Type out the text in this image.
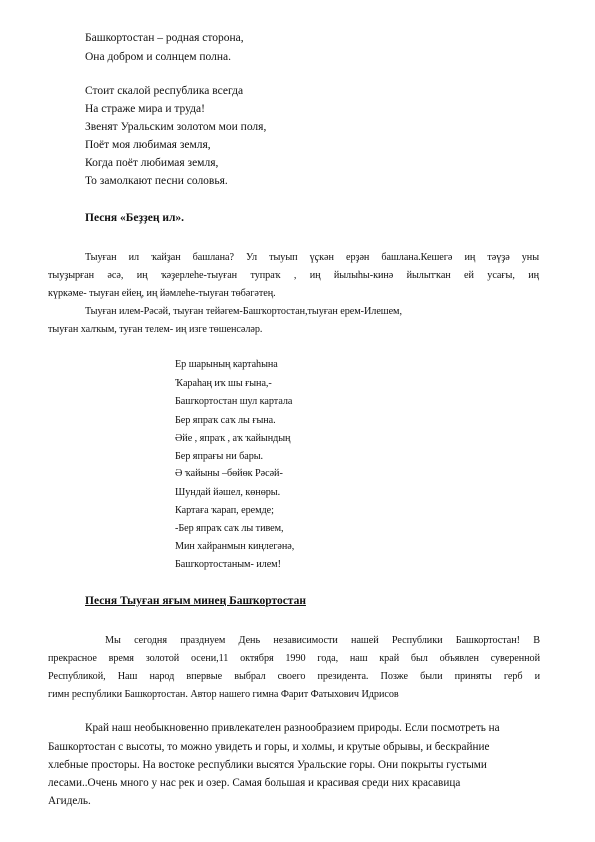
Башкортостан – родная сторона,

Она добром и солнцем полна.

Стоит скалой республика всегда

На страже мира и труда!

Звенят Уральским золотом мои поля,

Поёт моя любимая земля,

Когда поёт любимая земля,

То замолкают песни соловья.

Песня «Беҙҙең ил».

Тыуған ил ҡайҙан башлана? Ул тыуып үҫкән ерҙән башлана.Кешегә иң тәүҙә уны

тыуҙырған әсә, иң ҡәҙерлеһе-тыуған тупраҡ , иң йылыһы-кинә йылытҡан ей усағы, иң

күркәме- тыуған ейең, иң йәмлеһе-тыуған төбәгәтең.

Тыуған илем-Рәсәй, тыуған тейәгем-Башҡортостан,тыуған ерем-Илешем,

тыуған халҡым, туған телем- иң изге төшенсәләр.

Ер шарының картаһына

Ҡараһаң иҡ шы ғына,-

Башҡортостан шул картала

Бер япраҡ саҡ лы ғына.

Әйе , япраҡ , аҡ ҡайындың

Бер япрағы ни бары.

Ә ҡайыны –бөйөк Рәсәй-

Шундай йәшел, көнөры.

Картаға ҡарап, еремде;

-Бер япраҡ саҡ лы тивем,

Мин хайранмын киңлегәнә,

Башҡортостаным- илем!

Песня Тыуған яғым минең Башҡортостан

Мы сегодня празднуем День независимости нашей Республики Башкортостан! В

прекрасное время золотой осени,11 октября 1990 года, наш край был объявлен суверенной

Республикой, Наш народ впервые выбрал своего президента. Позже были приняты герб и

гимн республики Башкортостан. Автор нашего гимна Фарит Фатыхович Идрисов

Край наш необыкновенно привлекателен разнообразием природы. Если посмотреть на

Башкортостан с высоты, то можно увидеть и горы, и холмы, и крутые обрывы, и бескрайние

хлебные просторы. На востоке республики высятся Уральские горы. Они покрыты густыми

лесами..Очень много у нас рек и озер. Самая большая и красивая среди них красавица

Агидель.
